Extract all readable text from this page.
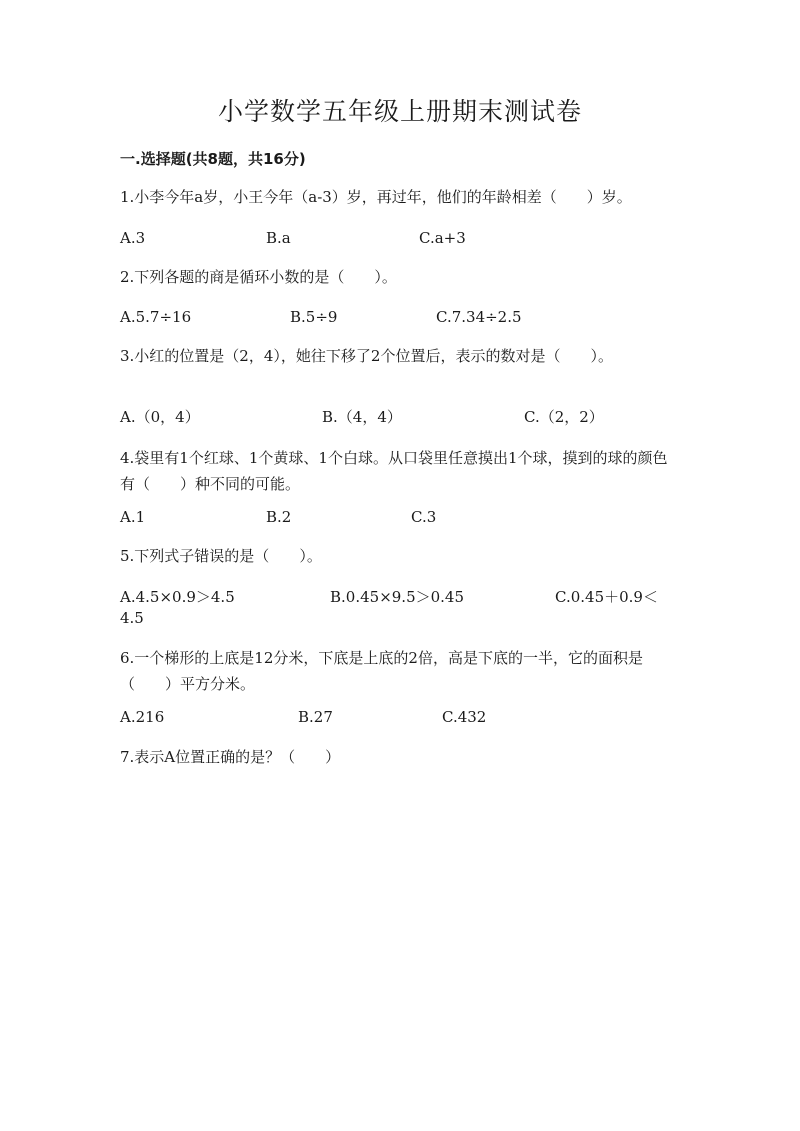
小学数学五年级上册期末测试卷
一.选择题(共8题，共16分)
1.小李今年a岁，小王今年（a-3）岁，再过年，他们的年龄相差（　　）岁。
A.3	B.a	C.a+3
2.下列各题的商是循环小数的是（　　）。
A.5.7÷16	B.5÷9	C.7.34÷2.5
3.小红的位置是（2，4），她往下移了2个位置后，表示的数对是（　　）。
A.（0，4）	B.（4，4）	C.（2，2）
4.袋里有1个红球、1个黄球、1个白球。从口袋里任意摸出1个球，摸到的球的颜色有（　　）种不同的可能。
A.1	B.2	C.3
5.下列式子错误的是（　　）。
A.4.5×0.9＞4.5	B.0.45×9.5＞0.45	C.0.45＋0.9＜
4.5
6.一个梯形的上底是12分米，下底是上底的2倍，高是下底的一半，它的面积是（　　）平方分米。
A.216	B.27	C.432
7.表示A位置正确的是？（　　）
